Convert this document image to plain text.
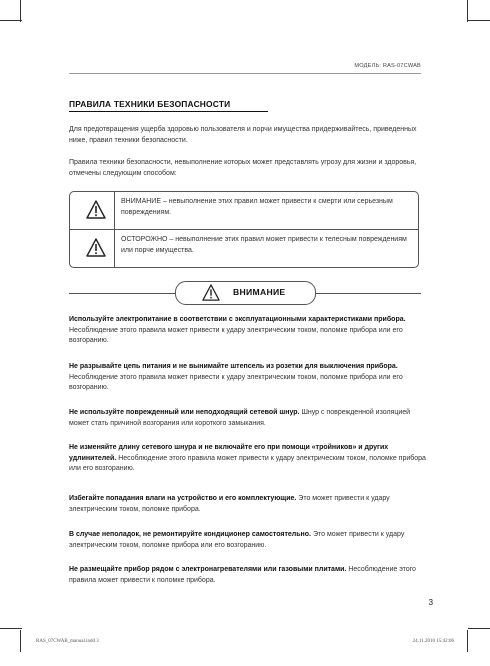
МОДЕЛЬ: RAS-07CWAB
ПРАВИЛА ТЕХНИКИ БЕЗОПАСНОСТИ
Для предотвращения ущерба здоровью пользователя и порчи имущества придерживайтесь, приведенных ниже, правил техники безопасности.
Правила техники безопасности, невыполнение которых может представлять угрозу для жизни и здоровья, отмечены следующим способом:
ВНИМАНИЕ – невыполнение этих правил может привести к смерти или серьезным повреждениям.
ОСТОРОЖНО – невыполнение этих правил может привести к телесным повреждениям или порче имущества.
ВНИМАНИЕ
Используйте электропитание в соответствии с эксплуатационными характеристиками прибора. Несоблюдение этого правила может привести к удару электрическим током, поломке прибора или его возгоранию.
Не разрывайте цепь питания и не вынимайте штепсель из розетки для выключения прибора. Несоблюдение этого правила может привести к удару электрическим током, поломке прибора или его возгоранию.
Не используйте поврежденный или неподходящий сетевой шнур. Шнур с поврежденной изоляцией может стать причиной возгорания или короткого замыкания.
Не изменяйте длину сетевого шнура и не включайте его при помощи «тройников» и других удлинителей. Несоблюдение этого правила может привести к удару электрическим током, поломке прибора или его возгоранию.
Избегайте попадания влаги на устройство и его комплектующие. Это может привести к удару электрическим током, поломке прибора.
В случае неполадок, не ремонтируйте кондиционер самостоятельно. Это может привести к удару электрическим током, поломке прибора или его возгоранию.
Не размещайте прибор рядом с электронагревателями или газовыми плитами. Несоблюдение этого правила может привести к поломке прибора.
3
RAS_07CWAB_manual.indd 3	24.11.2010 15:42:06
